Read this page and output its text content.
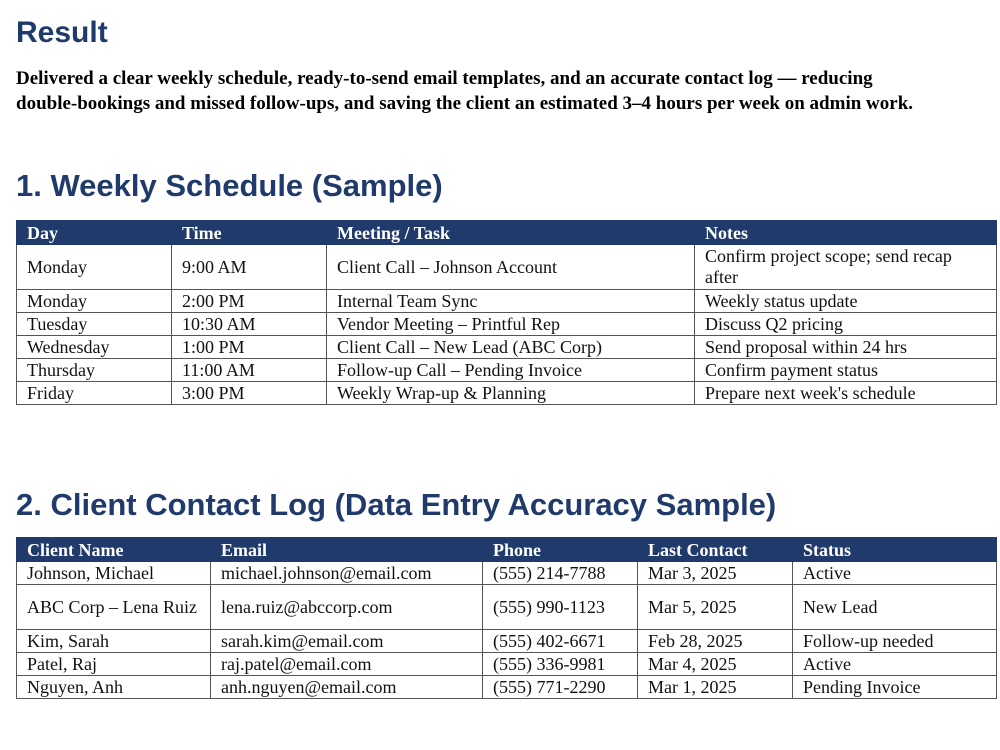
Result

Delivered a clear weekly schedule, ready-to-send email templates, and an accurate contact log — reducing double-bookings and missed follow-ups, and saving the client an estimated 3–4 hours per week on admin work.

1. Weekly Schedule (Sample)
Day	Time	Meeting / Task	Notes
Monday	9:00 AM	Client Call – Johnson Account	Confirm project scope; send recap after
Monday	2:00 PM	Internal Team Sync	Weekly status update
Tuesday	10:30 AM	Vendor Meeting – Printful Rep	Discuss Q2 pricing
Wednesday	1:00 PM	Client Call – New Lead (ABC Corp)	Send proposal within 24 hrs
Thursday	11:00 AM	Follow-up Call – Pending Invoice	Confirm payment status
Friday	3:00 PM	Weekly Wrap-up & Planning	Prepare next week's schedule
2. Client Contact Log (Data Entry Accuracy Sample)
Client Name	Email	Phone	Last Contact	Status
Johnson, Michael	michael.johnson@email.com	(555) 214-7788	Mar 3, 2025	Active
ABC Corp – Lena Ruiz	lena.ruiz@abccorp.com	(555) 990-1123	Mar 5, 2025	New Lead
Kim, Sarah	sarah.kim@email.com	(555) 402-6671	Feb 28, 2025	Follow-up needed
Patel, Raj	raj.patel@email.com	(555) 336-9981	Mar 4, 2025	Active
Nguyen, Anh	anh.nguyen@email.com	(555) 771-2290	Mar 1, 2025	Pending Invoice
